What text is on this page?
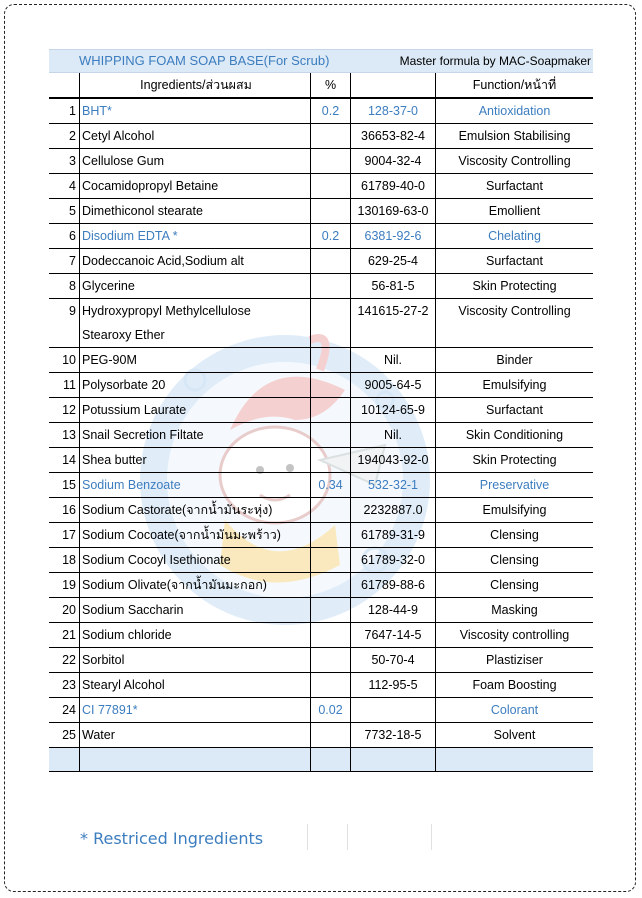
WHIPPING FOAM SOAP BASE(For Scrub)	Master formula by MAC-Soapmaker
	Ingredients/ส่วนผสม	%		Function/หน้าที่
1	BHT*	0.2	128-37-0	Antioxidation
2	Cetyl Alcohol		36653-82-4	Emulsion Stabilising
3	Cellulose Gum		9004-32-4	Viscosity Controlling
4	Cocamidopropyl Betaine		61789-40-0	Surfactant
5	Dimethiconol stearate		130169-63-0	Emollient
6	Disodium EDTA *	0.2	6381-92-6	Chelating
7	Dodeccanoic Acid,Sodium alt		629-25-4	Surfactant
8	Glycerine		56-81-5	Skin Protecting
9	Hydroxypropyl Methylcellulose		141615-27-2	Viscosity Controlling
	Stearoxy Ether			
10	PEG-90M		Nil.	Binder
11	Polysorbate 20		9005-64-5	Emulsifying
12	Potussium Laurate		10124-65-9	Surfactant
13	Snail Secretion Filtate		Nil.	Skin Conditioning
14	Shea butter		194043-92-0	Skin Protecting
15	Sodium Benzoate	0.34	532-32-1	Preservative
16	Sodium Castorate(จากน้ำมันระหุ่ง)		2232887.0	Emulsifying
17	Sodium Cocoate(จากน้ำมันมะพร้าว)		61789-31-9	Clensing
18	Sodium Cocoyl Isethionate		61789-32-0	Clensing
19	Sodium Olivate(จากน้ำมันมะกอก)		61789-88-6	Clensing
20	Sodium Saccharin		128-44-9	Masking
21	Sodium chloride		7647-14-5	Viscosity controlling
22	Sorbitol		50-70-4	Plastiziser
23	Stearyl Alcohol		112-95-5	Foam Boosting
24	CI 77891*	0.02		Colorant
25	Water		7732-18-5	Solvent

* Restriced Ingredients
